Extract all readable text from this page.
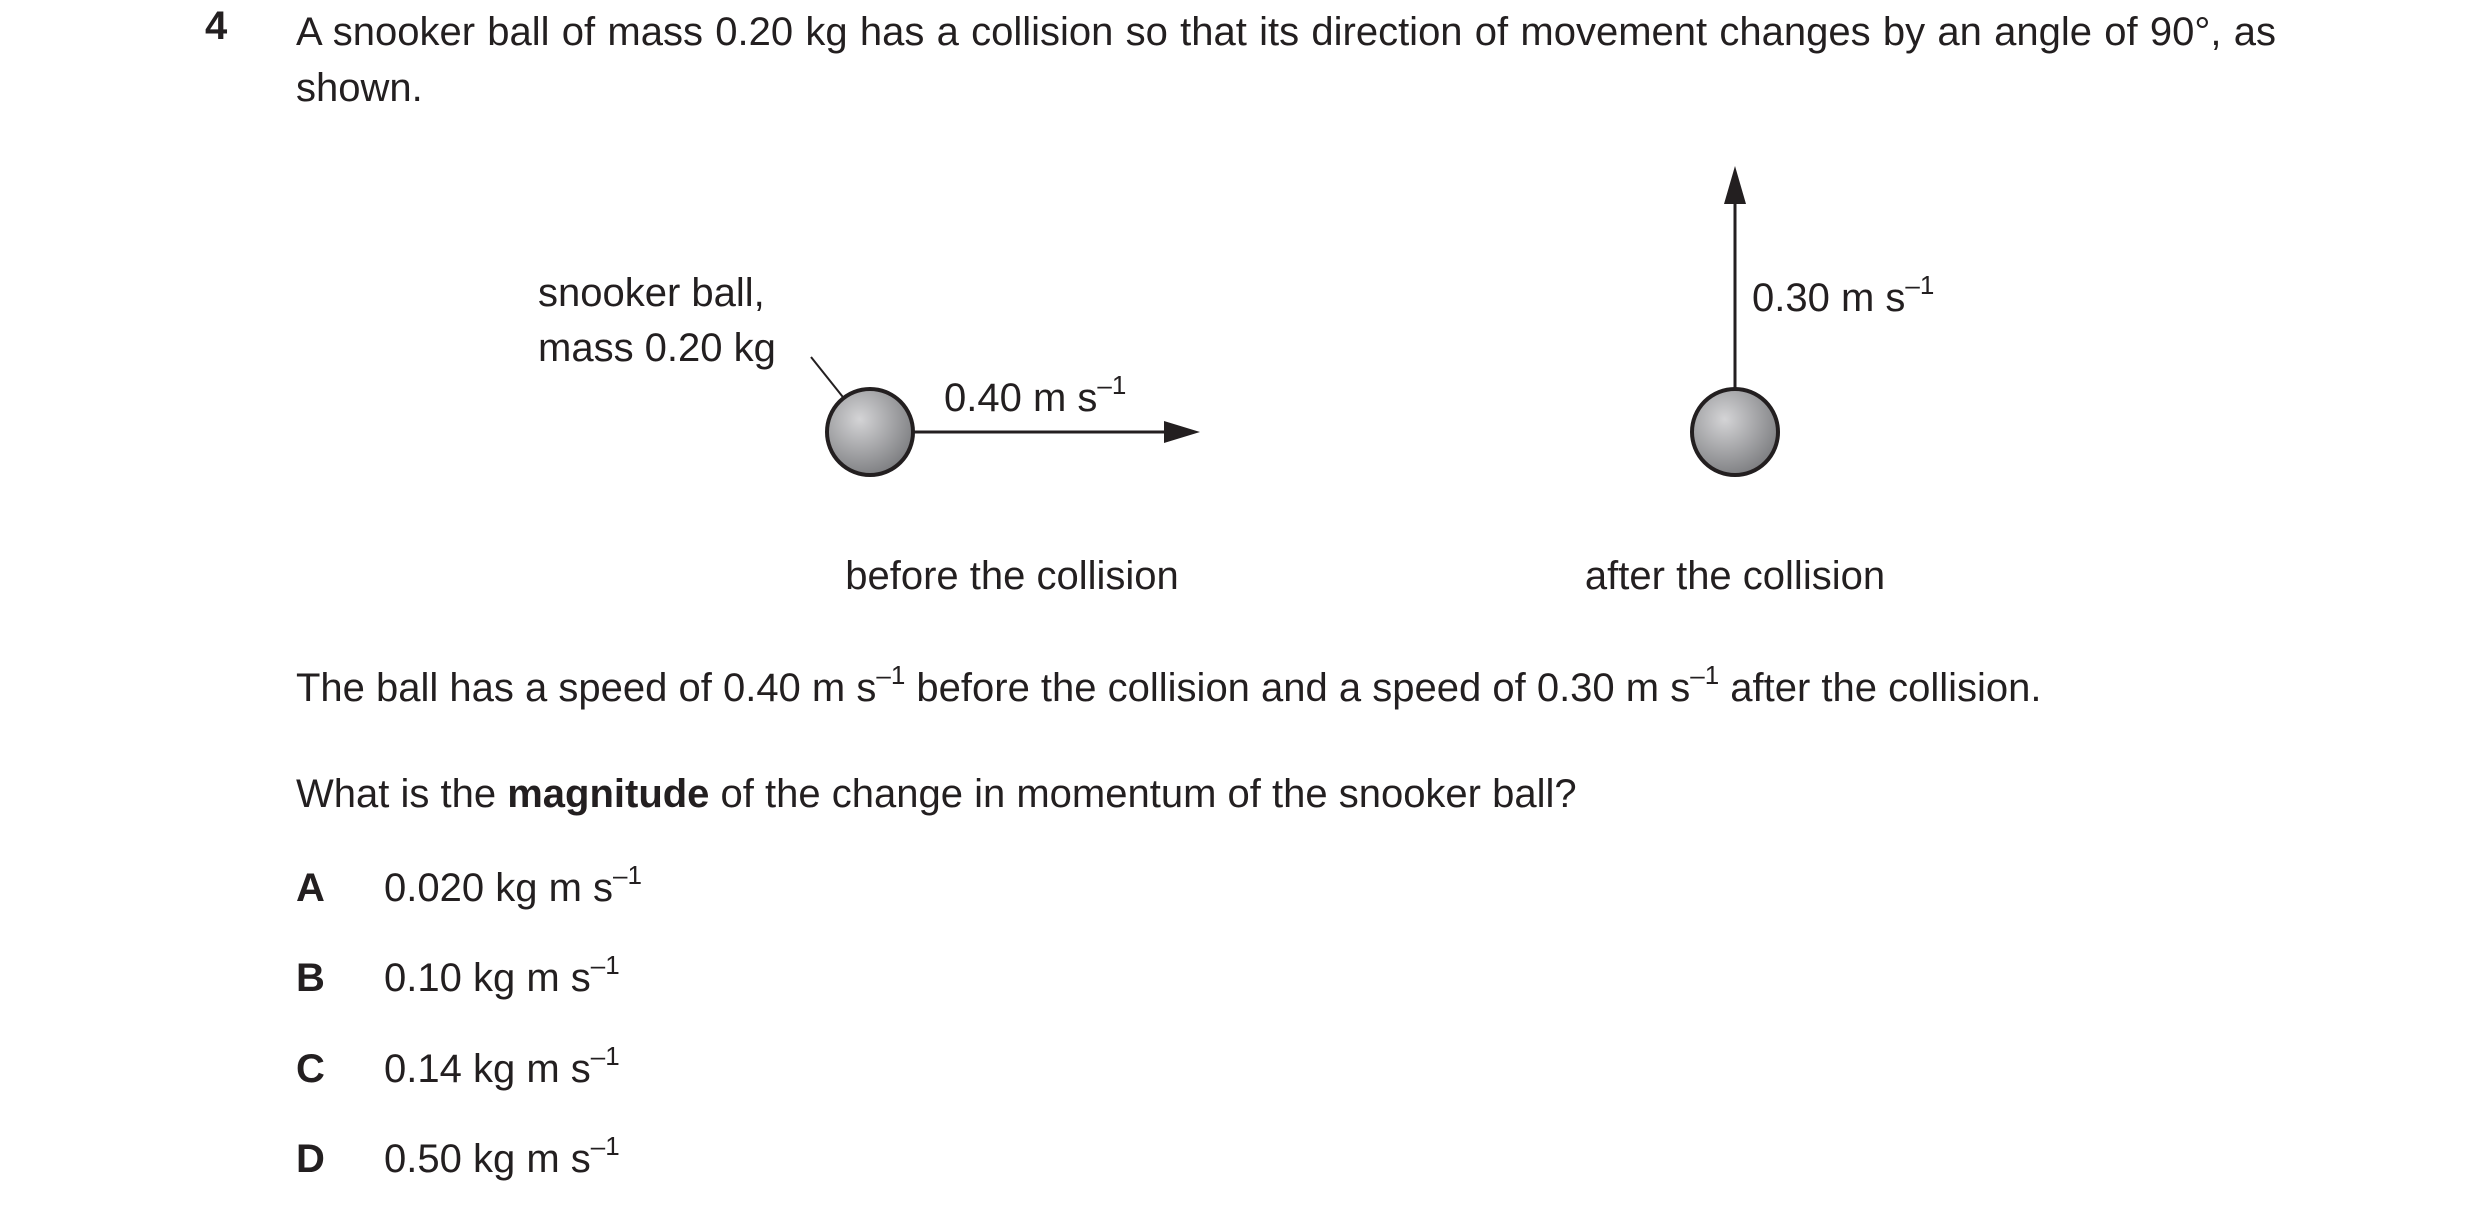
4 A snooker ball of mass 0.20 kg has a collision so that its direction of movement changes by an angle of 90°, as shown.
snooker ball,
mass 0.20 kg
0.40 m $s^{-1}$
0.30 m $s^{-1}$
before the collision	after the collision
The ball has a speed of 0.40 m $s^{-1}$ before the collision and a speed of 0.30 m $s^{-1}$ after the collision.
What is the magnitude of the change in momentum of the snooker ball?
A 0.020 kg m $s^{-1}$
B 0.10 kg m $s^{-1}$
C 0.14 kg m $s^{-1}$
D 0.50 kg m $s^{-1}$
